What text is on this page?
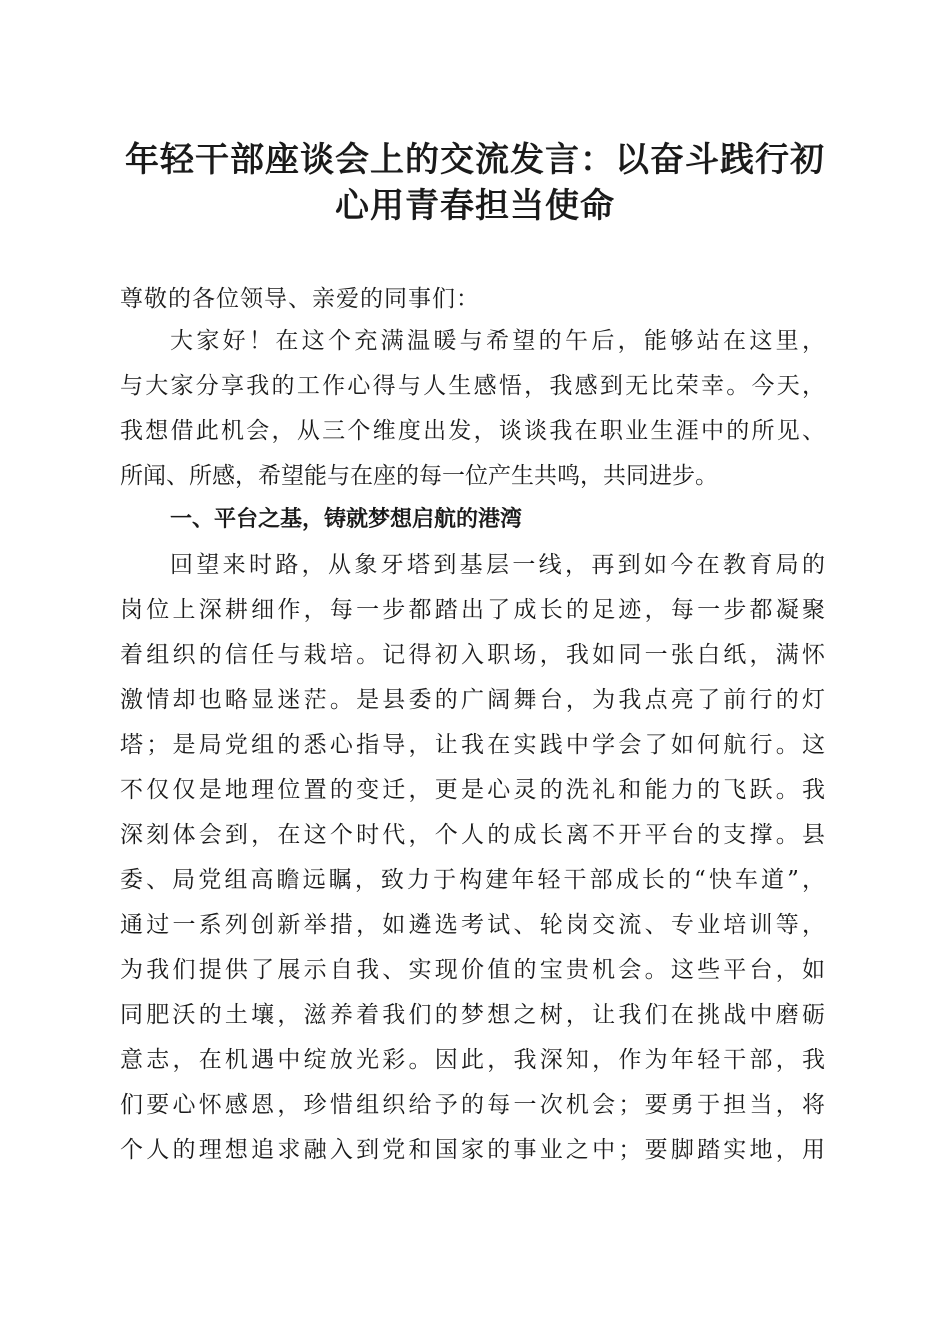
年轻干部座谈会上的交流发言：以奋斗践行初
心用青春担当使命
尊敬的各位领导、亲爱的同事们：
大家好！在这个充满温暖与希望的午后，能够站在这里，
与大家分享我的工作心得与人生感悟，我感到无比荣幸。今天，
我想借此机会，从三个维度出发，谈谈我在职业生涯中的所见、
所闻、所感，希望能与在座的每一位产生共鸣，共同进步。
一、平台之基，铸就梦想启航的港湾
回望来时路，从象牙塔到基层一线，再到如今在教育局的
岗位上深耕细作，每一步都踏出了成长的足迹，每一步都凝聚
着组织的信任与栽培。记得初入职场，我如同一张白纸，满怀
激情却也略显迷茫。是县委的广阔舞台，为我点亮了前行的灯
塔；是局党组的悉心指导，让我在实践中学会了如何航行。这
不仅仅是地理位置的变迁，更是心灵的洗礼和能力的飞跃。我
深刻体会到，在这个时代，个人的成长离不开平台的支撑。县
委、局党组高瞻远瞩，致力于构建年轻干部成长的“快车道”，
通过一系列创新举措，如遴选考试、轮岗交流、专业培训等，
为我们提供了展示自我、实现价值的宝贵机会。这些平台，如
同肥沃的土壤，滋养着我们的梦想之树，让我们在挑战中磨砺
意志，在机遇中绽放光彩。因此，我深知，作为年轻干部，我
们要心怀感恩，珍惜组织给予的每一次机会；要勇于担当，将
个人的理想追求融入到党和国家的事业之中；要脚踏实地，用
